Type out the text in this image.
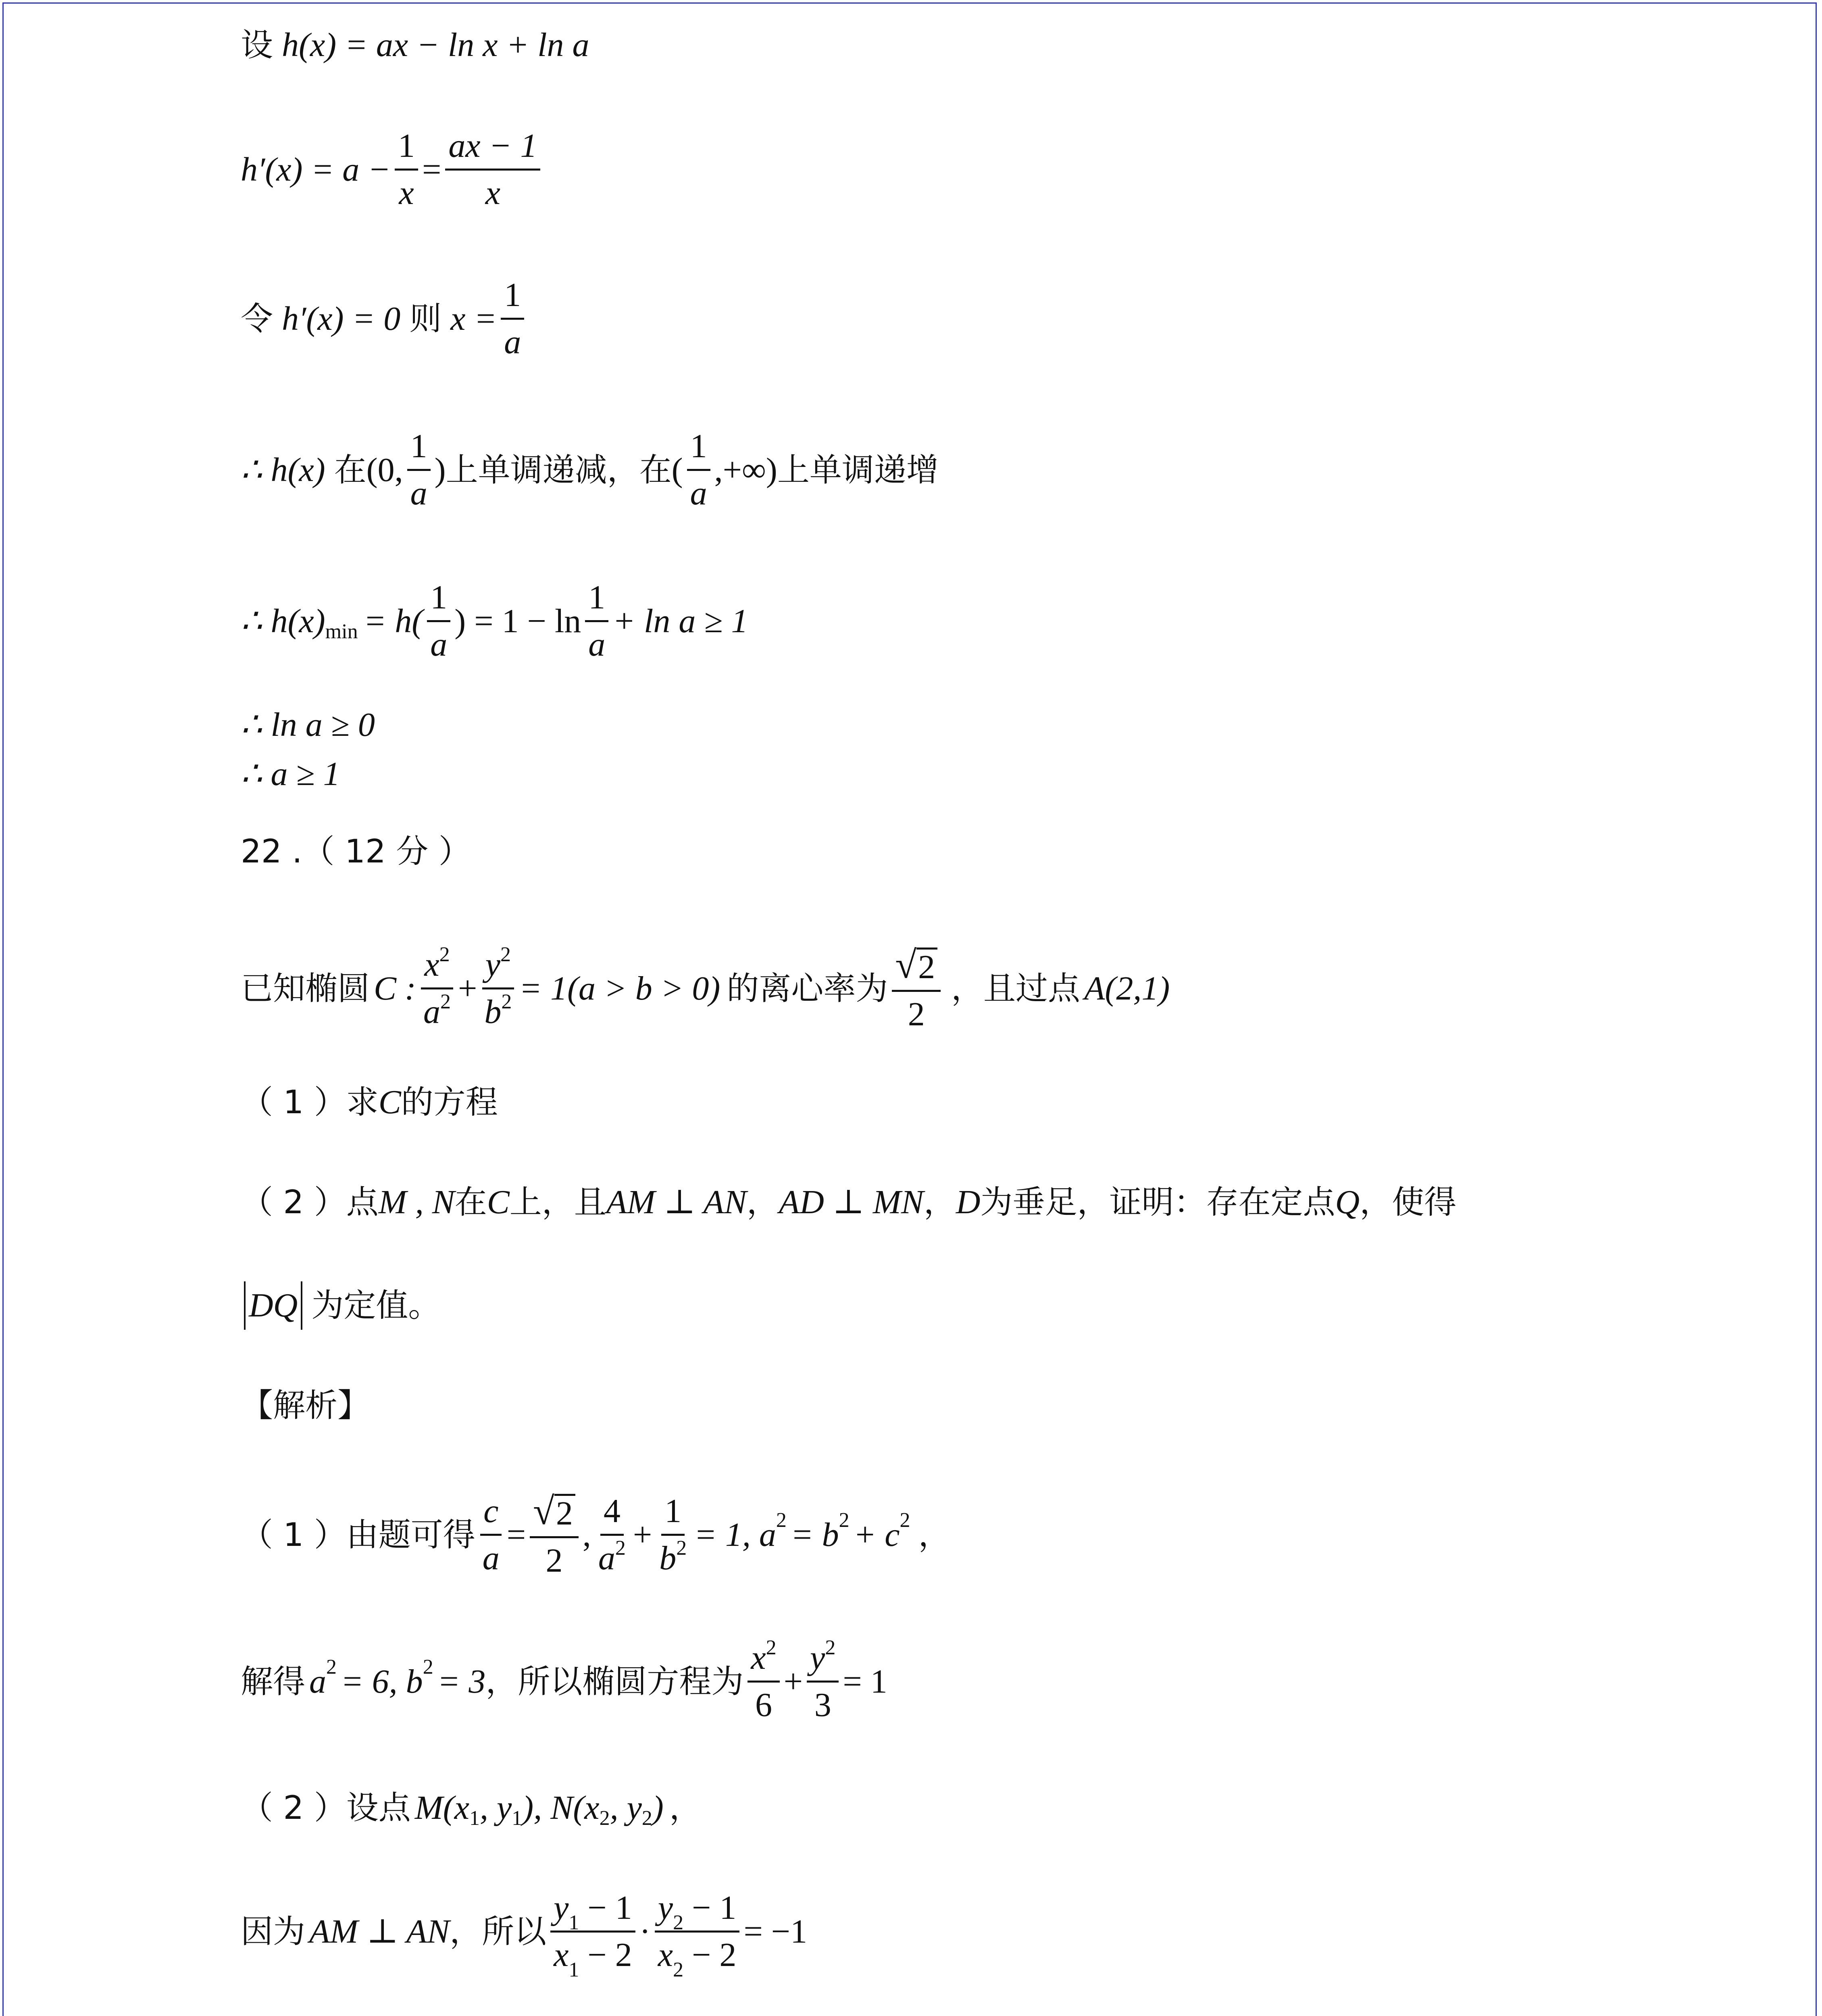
设 h(x) = ax − ln x + ln a
$h'(x) = a - \frac{1}{x} = \frac{ax - 1}{x}$
令 h′(x) = 0 则 $x = \frac{1}{a}$
∴ h(x) 在 (0, $\frac{1}{a}$ ) 上单调递减，在 ( $\frac{1}{a}$ ,+∞) 上单调递增
∴ h(x) $\min = h( \frac{1}{a}$ ) = $1 - \ln \frac{1}{a} + \ln a \ge 1$
∴ ln a ≥ 0
∴ a ≥ 1
22 .（ 12 分 ）
已知椭圆 C : $\frac{x^2}{a^2} + \frac{y^2}{b^2} = 1(a > b > 0)$ 的离心率为 $\frac{√ 2}{2}$ ，且过点 A(2,1)
（ 1 ）求 C 的方程
（ 2 ）点 M , N 在 C 上，且 AM ⊥ AN ， AD ⊥ MN ， D 为垂足，证明：存在定点 Q ，使得
DQ 为定值。
【解析】
（ 1 ）由题可得 $\frac{c}{a} = \frac{√ 2}{2}$ , $\frac{4}{a^2} + \frac{1}{b^2} = 1$, a 2 = b 2 + c 2 ，
解得 a 2 = 6, b 2 = 3 ，所以椭圆方程为 $\frac{x^2}{6} + \frac{y^2}{3} = 1$
（ 2 ）设点 M(x 1 , y 1 ), N(x 2 , y 2 ) ，
因为 AM ⊥ AN ，所以 $\frac{y_1 - 1}{x_1 - 2} \cdot \frac{y_2 - 1}{x_2 - 2} = -1$
